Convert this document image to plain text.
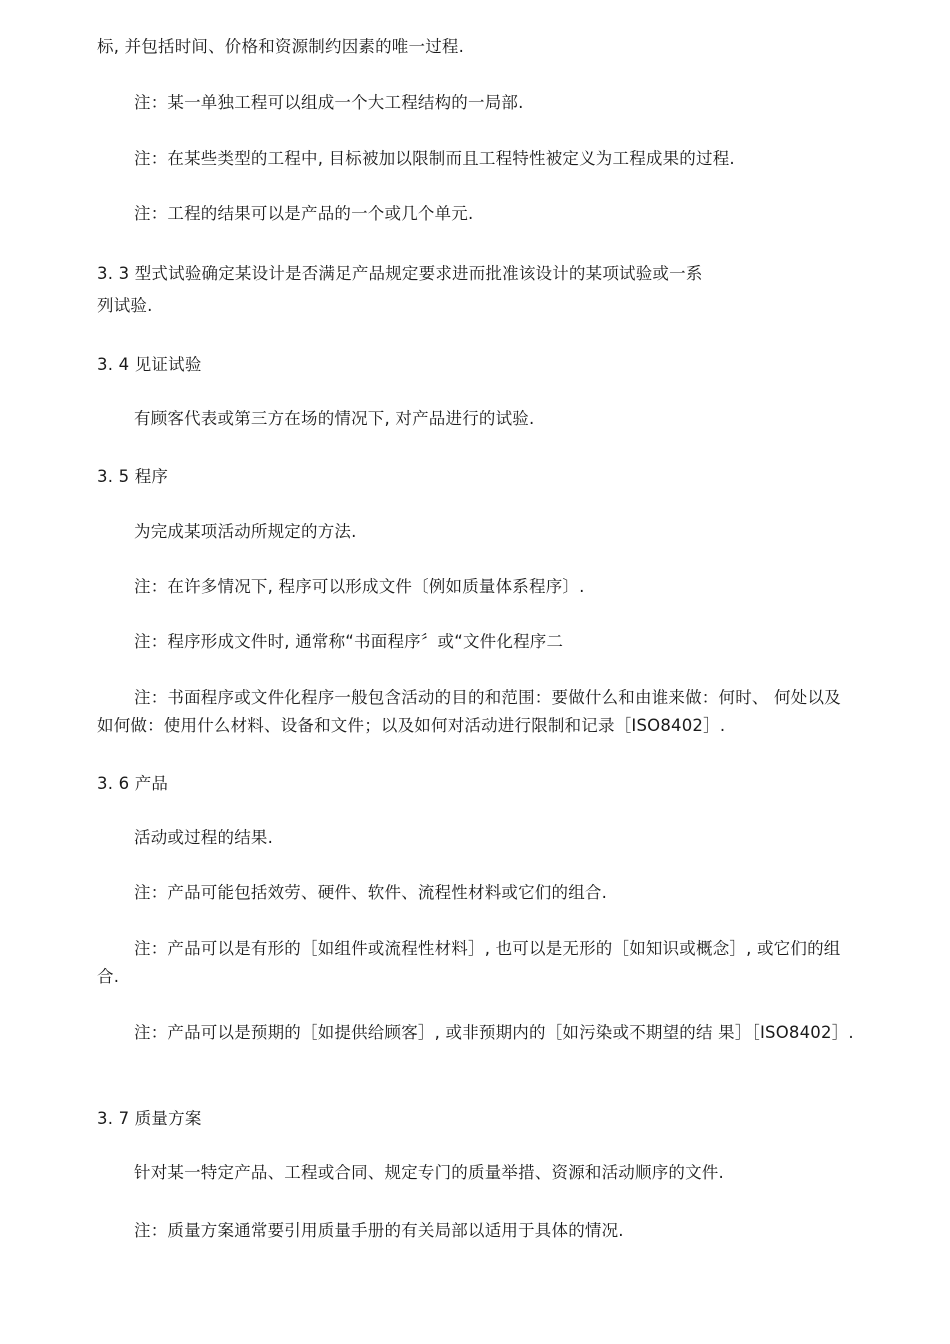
标, 并包括时间、价格和资源制约因素的唯一过程.
注：某一单独工程可以组成一个大工程结构的一局部.
注：在某些类型的工程中, 目标被加以限制而且工程特性被定义为工程成果的过程.
注：工程的结果可以是产品的一个或几个单元.
3. 3 型式试验确定某设计是否满足产品规定要求进而批准该设计的某项试验或一系
列试验.
3. 4 见证试验
有顾客代表或第三方在场的情况下, 对产品进行的试验.
3. 5 程序
为完成某项活动所规定的方法.
注：在许多情况下, 程序可以形成文件〔例如质量体系程序〕.
注：程序形成文件时, 通常称“书面程序〞或“文件化程序二
注：书面程序或文件化程序一般包含活动的目的和范围：要做什么和由谁来做：何时、 何处以及如何做：使用什么材料、设备和文件；以及如何对活动进行限制和记录［ISO8402］.
3. 6 产品
活动或过程的结果.
注：产品可能包括效劳、硬件、软件、流程性材料或它们的组合.
注：产品可以是有形的［如组件或流程性材料］, 也可以是无形的［如知识或概念］, 或它们的组合.
注：产品可以是预期的［如提供给顾客］, 或非预期内的［如污染或不期望的结 果］［ISO8402］.
3. 7 质量方案
针对某一特定产品、工程或合同、规定专门的质量举措、资源和活动顺序的文件.
注：质量方案通常要引用质量手册的有关局部以适用于具体的情况.
